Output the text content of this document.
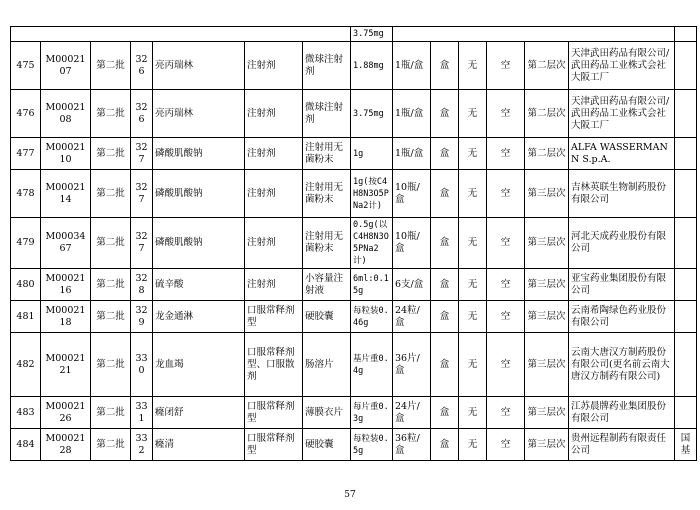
							3.75mg							
475	M0002107	第二批	326	亮丙瑞林	注射剂	微球注射剂	1.88mg	1瓶/盒	盒	无	空	第二层次	天津武田药品有限公司/武田药品工业株式会社 大阪工厂	
476	M0002108	第二批	326	亮丙瑞林	注射剂	微球注射剂	3.75mg	1瓶/盒	盒	无	空	第二层次	天津武田药品有限公司/武田药品工业株式会社 大阪工厂	
477	M0002110	第二批	327	磷酸肌酸钠	注射剂	注射用无菌粉末	1g	1瓶/盒	盒	无	空	第二层次	ALFA WASSERMANN S.p.A.	
478	M0002114	第二批	327	磷酸肌酸钠	注射剂	注射用无菌粉末	1g(按C4H8N3O5PNa2计)	10瓶/盒	盒	无	空	第三层次	吉林英联生物制药股份有限公司	
479	M0003467	第二批	327	磷酸肌酸钠	注射剂	注射用无菌粉末	0.5g(以C4H8N3O5PNa2计)	10瓶/盒	盒	无	空	第三层次	河北天成药业股份有限公司	
480	M0002116	第二批	328	硫辛酸	注射剂	小容量注射液	6ml:0.15g	6支/盒	盒	无	空	第三层次	亚宝药业集团股份有限公司	
481	M0002118	第二批	329	龙金通淋	口服常释剂型	硬胶囊	每粒装0.46g	24粒/盒	盒	无	空	第三层次	云南希陶绿色药业股份有限公司	
482	M0002121	第二批	330	龙血竭	口服常释剂型、口服散剂	肠溶片	基片重0.4g	36片/盒	盒	无	空	第三层次	云南大唐汉方制药股份有限公司(更名前云南大唐汉方制药有限公司)	
483	M0002126	第二批	331	癃闭舒	口服常释剂型	薄膜衣片	每片重0.3g	24片/盒	盒	无	空	第三层次	江苏晨牌药业集团股份有限公司	
484	M0002128	第二批	332	癃清	口服常释剂型	硬胶囊	每粒装0.5g	36粒/盒	盒	无	空	第三层次	贵州远程制药有限责任公司	国基
57
